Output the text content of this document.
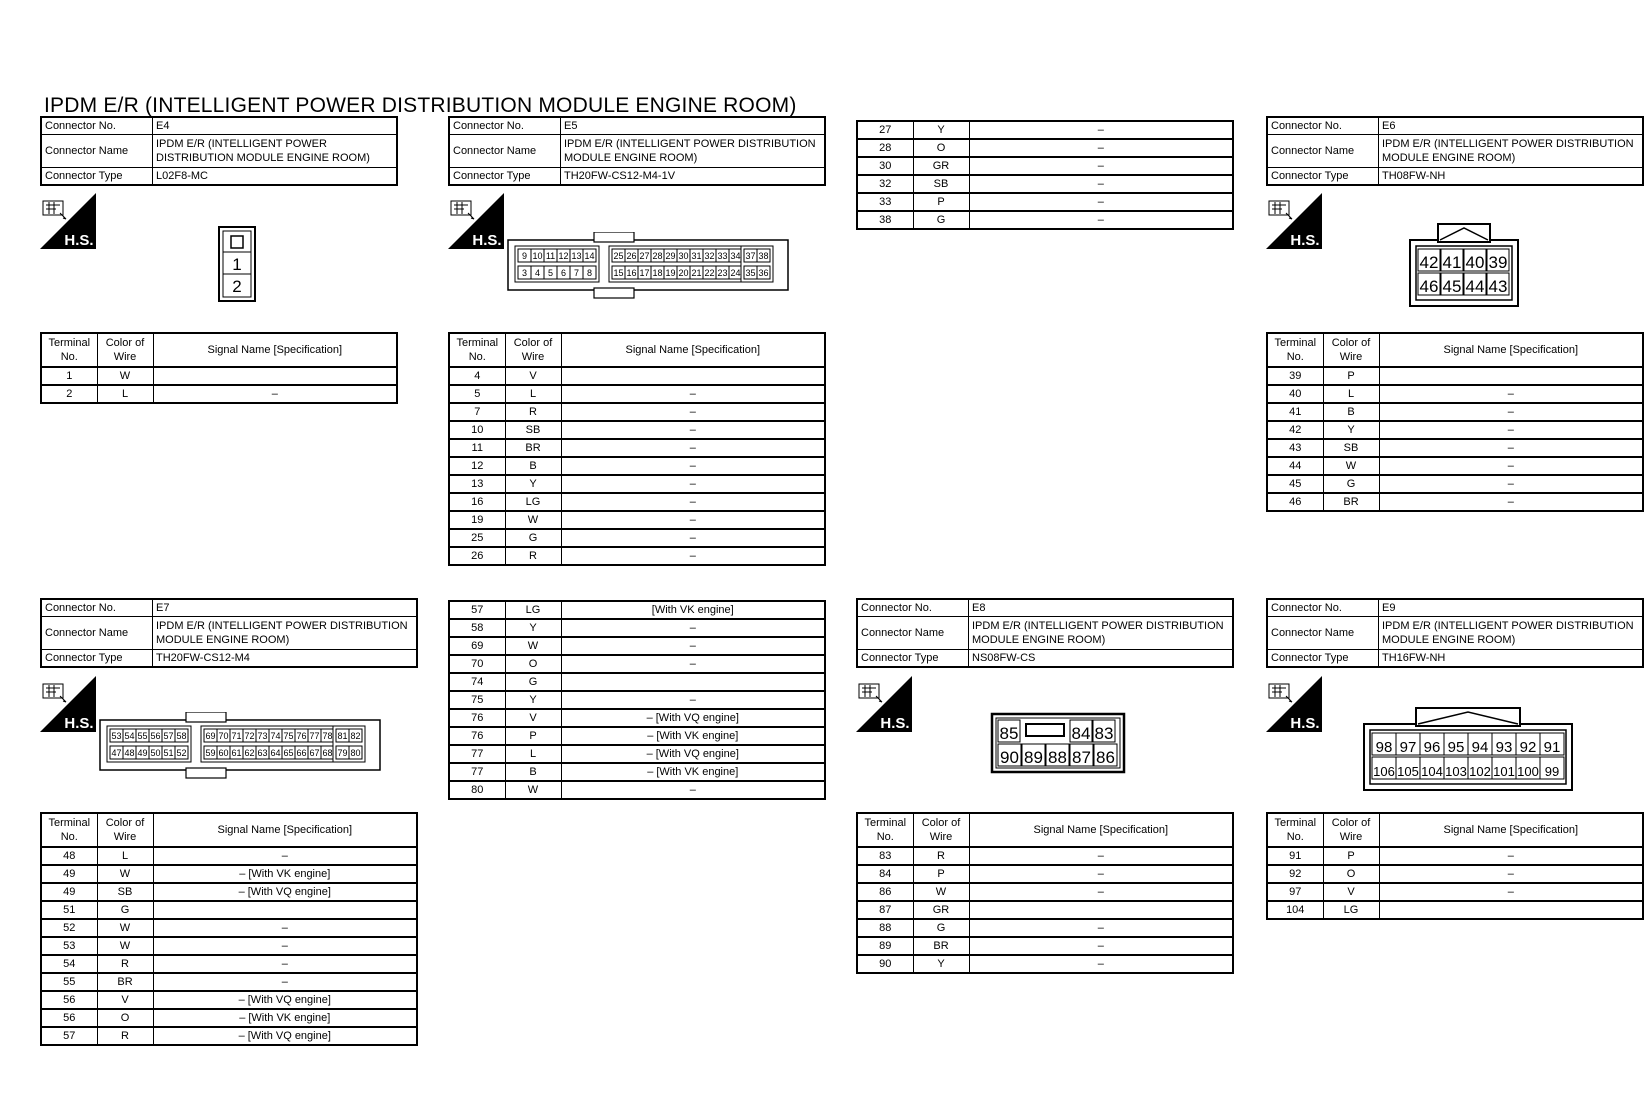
IPDM E/R (INTELLIGENT POWER DISTRIBUTION MODULE ENGINE ROOM)
Connector No.	E4
Connector Name	IPDM E/R (INTELLIGENT POWER DISTRIBUTION MODULE ENGINE ROOM)
Connector Type	L02F8-MC
H.S.
1
2
Terminal No.	Color of Wire	Signal Name [Specification]
1	W	
2	L	–
Connector No.	E5
Connector Name	IPDM E/R (INTELLIGENT POWER DISTRIBUTION MODULE ENGINE ROOM)
Connector Type	TH20FW-CS12-M4-1V
H.S.
9
3
10
4
11
5
12
6
13
7
14
8
25
15
26
16
27
17
28
18
29
19
30
20
31
21
32
22
33
23
34
24
37
35
38
36
Terminal No.	Color of Wire	Signal Name [Specification]
4	V	
5	L	–
7	R	–
10	SB	–
11	BR	–
12	B	–
13	Y	–
16	LG	–
19	W	–
25	G	–
26	R	–
27	Y	–
28	O	–
30	GR	–
32	SB	–
33	P	–
38	G	–
Connector No.	E6
Connector Name	IPDM E/R (INTELLIGENT POWER DISTRIBUTION MODULE ENGINE ROOM)
Connector Type	TH08FW-NH
H.S.
42
46
41
45
40
44
39
43
Terminal No.	Color of Wire	Signal Name [Specification]
39	P	
40	L	–
41	B	–
42	Y	–
43	SB	–
44	W	–
45	G	–
46	BR	–
Connector No.	E7
Connector Name	IPDM E/R (INTELLIGENT POWER DISTRIBUTION MODULE ENGINE ROOM)
Connector Type	TH20FW-CS12-M4
H.S.
53
47
54
48
55
49
56
50
57
51
58
52
69
59
70
60
71
61
72
62
73
63
74
64
75
65
76
66
77
67
78
68
81
79
82
80
Terminal No.	Color of Wire	Signal Name [Specification]
48	L	–
49	W	– [With VK engine]
49	SB	– [With VQ engine]
51	G	
52	W	–
53	W	–
54	R	–
55	BR	–
56	V	– [With VQ engine]
56	O	– [With VK engine]
57	R	– [With VQ engine]
57	LG	[With VK engine]
58	Y	–
69	W	–
70	O	–
74	G	
75	Y	–
76	V	– [With VQ engine]
76	P	– [With VK engine]
77	L	– [With VQ engine]
77	B	– [With VK engine]
80	W	–
Connector No.	E8
Connector Name	IPDM E/R (INTELLIGENT POWER DISTRIBUTION MODULE ENGINE ROOM)
Connector Type	NS08FW-CS
H.S.
85	84 83
90 89 88 87 86
Terminal No.	Color of Wire	Signal Name [Specification]
83	R	–
84	P	–
86	W	–
87	GR	
88	G	–
89	BR	–
90	Y	–
Connector No.	E9
Connector Name	IPDM E/R (INTELLIGENT POWER DISTRIBUTION MODULE ENGINE ROOM)
Connector Type	TH16FW-NH
H.S.
98
106
97
105
96
104
95
103
94
102
93
101
92
100
91
99
Terminal No.	Color of Wire	Signal Name [Specification]
91	P	–
92	O	–
97	V	–
104	LG	
